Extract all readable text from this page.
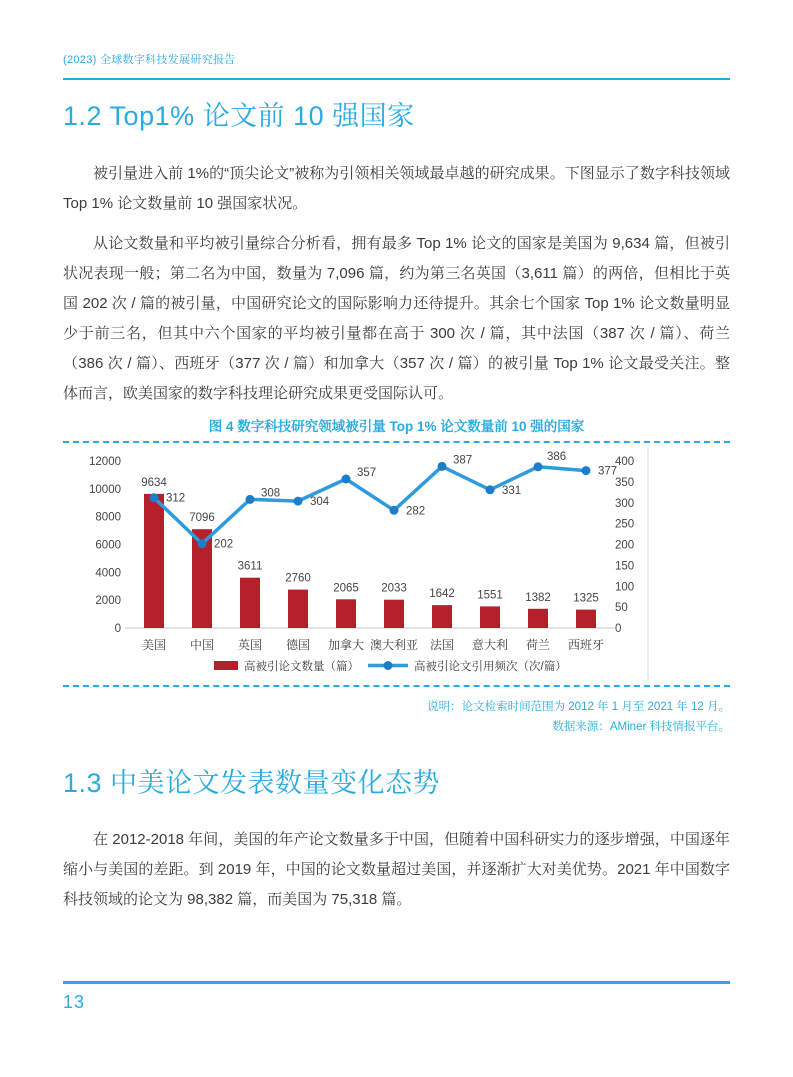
(2023) 全球数字科技发展研究报告
1.2 Top1% 论文前 10 强国家

被引量进入前 1%的“顶尖论文”被称为引领相关领域最卓越的研究成果。下图显示了数字科技领域 Top 1% 论文数量前 10 强国家状况。

从论文数量和平均被引量综合分析看，拥有最多 Top 1% 论文的国家是美国为 9,634 篇，但被引状况表现一般；第二名为中国，数量为 7,096 篇，约为第三名英国（3,611 篇）的两倍，但相比于英国 202 次 / 篇的被引量，中国研究论文的国际影响力还待提升。其余七个国家 Top 1% 论文数量明显少于前三名，但其中六个国家的平均被引量都在高于 300 次 / 篇，其中法国（387 次 / 篇）、荷兰（386 次 / 篇）、西班牙（377 次 / 篇）和加拿大（357 次 / 篇）的被引量 Top 1% 论文最受关注。整体而言，欧美国家的数字科技理论研究成果更受国际认可。

图 4 数字科技研究领域被引量 Top 1% 论文数量前 10 强的国家
0
2000
4000
6000
8000
10000
12000
0
50
100
150
200
250
300
350
400
9634
美国
7096
中国
3611
英国
2760
德国
2065
加拿大
2033
澳大利亚
1642
法国
1551
意大利
1382
荷兰
1325
西班牙
312
202
308
304
357
282
387
331
386
377
高被引论文数量（篇）	高被引论文引用频次（次/篇）
说明：论文检索时间范围为 2012 年 1 月至 2021 年 12 月。
数据来源：AMiner 科技情报平台。
1.3 中美论文发表数量变化态势

在 2012-2018 年间，美国的年产论文数量多于中国，但随着中国科研实力的逐步增强，中国逐年缩小与美国的差距。到 2019 年，中国的论文数量超过美国，并逐渐扩大对美优势。2021 年中国数字科技领域的论文为 98,382 篇，而美国为 75,318 篇。

13
